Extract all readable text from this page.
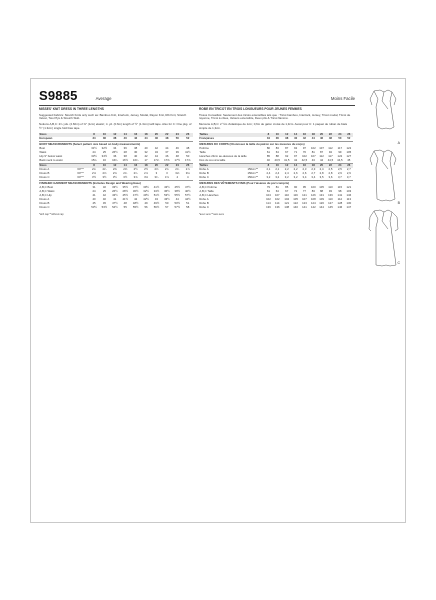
S9885	Average	Moins Facile
MISSES' KNIT DRESS IN THREE LENGTHS
Suggested Fabrics: Stretch Knits only such as: Bamboo Knit, Interlock, Jersey, Modal, Rayon Knit, Rib Knit, Stretch Velvet, Two Plys & Stretch Slub.
Notions A,B,C: 2¾ yds. (2.60m) of ⅜" (1cm) elastic; ¾ yd. (0.6m) length of ½" (1.3cm) twill tape. Also for C: One pkg. of ½" (1.3cm) single fold bias tape.
Sizes		8	10	12	14	16	18	20	22	24	26
European		34	36	38	40	42	44	46	48	50	52
BODY MEASUREMENTS (Select pattern size based on body measurements)											
Bust		31½	32½	34	36	38	40	42	44	46	48
Waist		24	25	26½	28	30	32	34	37	39	41½
Hip 9" below waist		33½	34½	36	38	40	42	44	46	48	50
Back neck to waist		15¾	16	16¼	16½	16¾	17	17¼	17⅜	17½	17⅝
Sizes		8	10	12	14	16	18	20	22	24	26
Dress A	60"**	2¼	2¼	2⅜	2⅜	2½	2½	2⅝	2¾	2¾	2⅞
Dress B	60"**	2⅝	2⅝	2⅝	2¾	2¾	2⅞	3	3	3⅛	3⅛
Dress C	60"**	3½	3½	3½	3½	3⅝	3⅝	3¾	3⅞	4	4
FINISHED GARMENT MEASUREMENTS (Includes Design and Wearing Ease)											
A,B,C Bust		31	32	33½	35½	37½	39½	41½	43½	45½	47½
A,B,C Waist		24	25	26½	28½	30½	32½	34½	36½	38½	40½
A,B,C Hip		41	42	43½	45½	47½	49½	51½	53½	55½	57½
Dress A		40	40	41	41½	42	42½	43	43½	44	44½
Dress B		45	45	47½	48	48½	49	49½	50	50½	51
Dress C		53½	53½	54½	55	55½	56	56½	57	57½	58
*with nap **without nap
ROBE EN TRICOT EN TROIS LONGUEURS POUR JEUNES FEMMES
Tissus Conseillés: Seulement des tricots extensibles tels que : Tricot bambou, Interlock, Jersey, Tricot modal, Tricot de rayonne, Tricot à côtes, Velours extensible, Deux plis & Tricot flammé.
Mercerie A,B,C: 2 ½m d'élastique de 1cm; 0,6m de galon croisé de 1,3cm. Aussi pour C: 1 paquet de ruban de biais simple de 1,3cm.
Tailles		8	10	12	14	16	18	20	22	24	26
Françaises		34	36	38	40	42	44	46	48	50	52
MESURES DU CORPS (Choisissez la taille du patron sur les mesures du corps)											
Poitrine		80	83	87	92	97	102	107	112	117	122
Taille		61	64	67	71	76	81	87	94	99	105
Hanches 23cm au-dessous de la taille		85	88	92	97	102	107	112	117	122	127
Dos du cou à la taille		40	40,5	41,5	42	42,5	43	44	44,5	44,5	45
Tailles		8	10	12	14	16	18	20	22	24	26
Robe A	150cm**	2,1	2,1	2,2	2,2	2,3	2,3	2,4	2,5	2,5	2,7
Robe B	150cm**	2,4	2,4	2,4	2,6	2,6	2,7	2,8	2,8	2,9	2,9
Robe C	150cm**	3,2	3,2	3,2	3,2	3,4	3,4	3,5	3,6	3,7	3,7
MESURES DES VÊTEMENTS FINIS (Pour l'aisance du port compris)											
A,B,C Poitrine		79	81	85	90	95	100	105	110	115	121
A,B,C Taille		61	64	67	72	77	83	88	93	98	103
A,B,C Hanches		104	107	110	116	121	126	131	136	141	146
Robe A		102	102	104	105	107	108	109	110	112	113
Robe B		114	114	121	122	123	124	126	127	128	130
Robe C		136	136	138	140	141	142	144	145	146	147
*avec sens **sans sens
A
B
C
